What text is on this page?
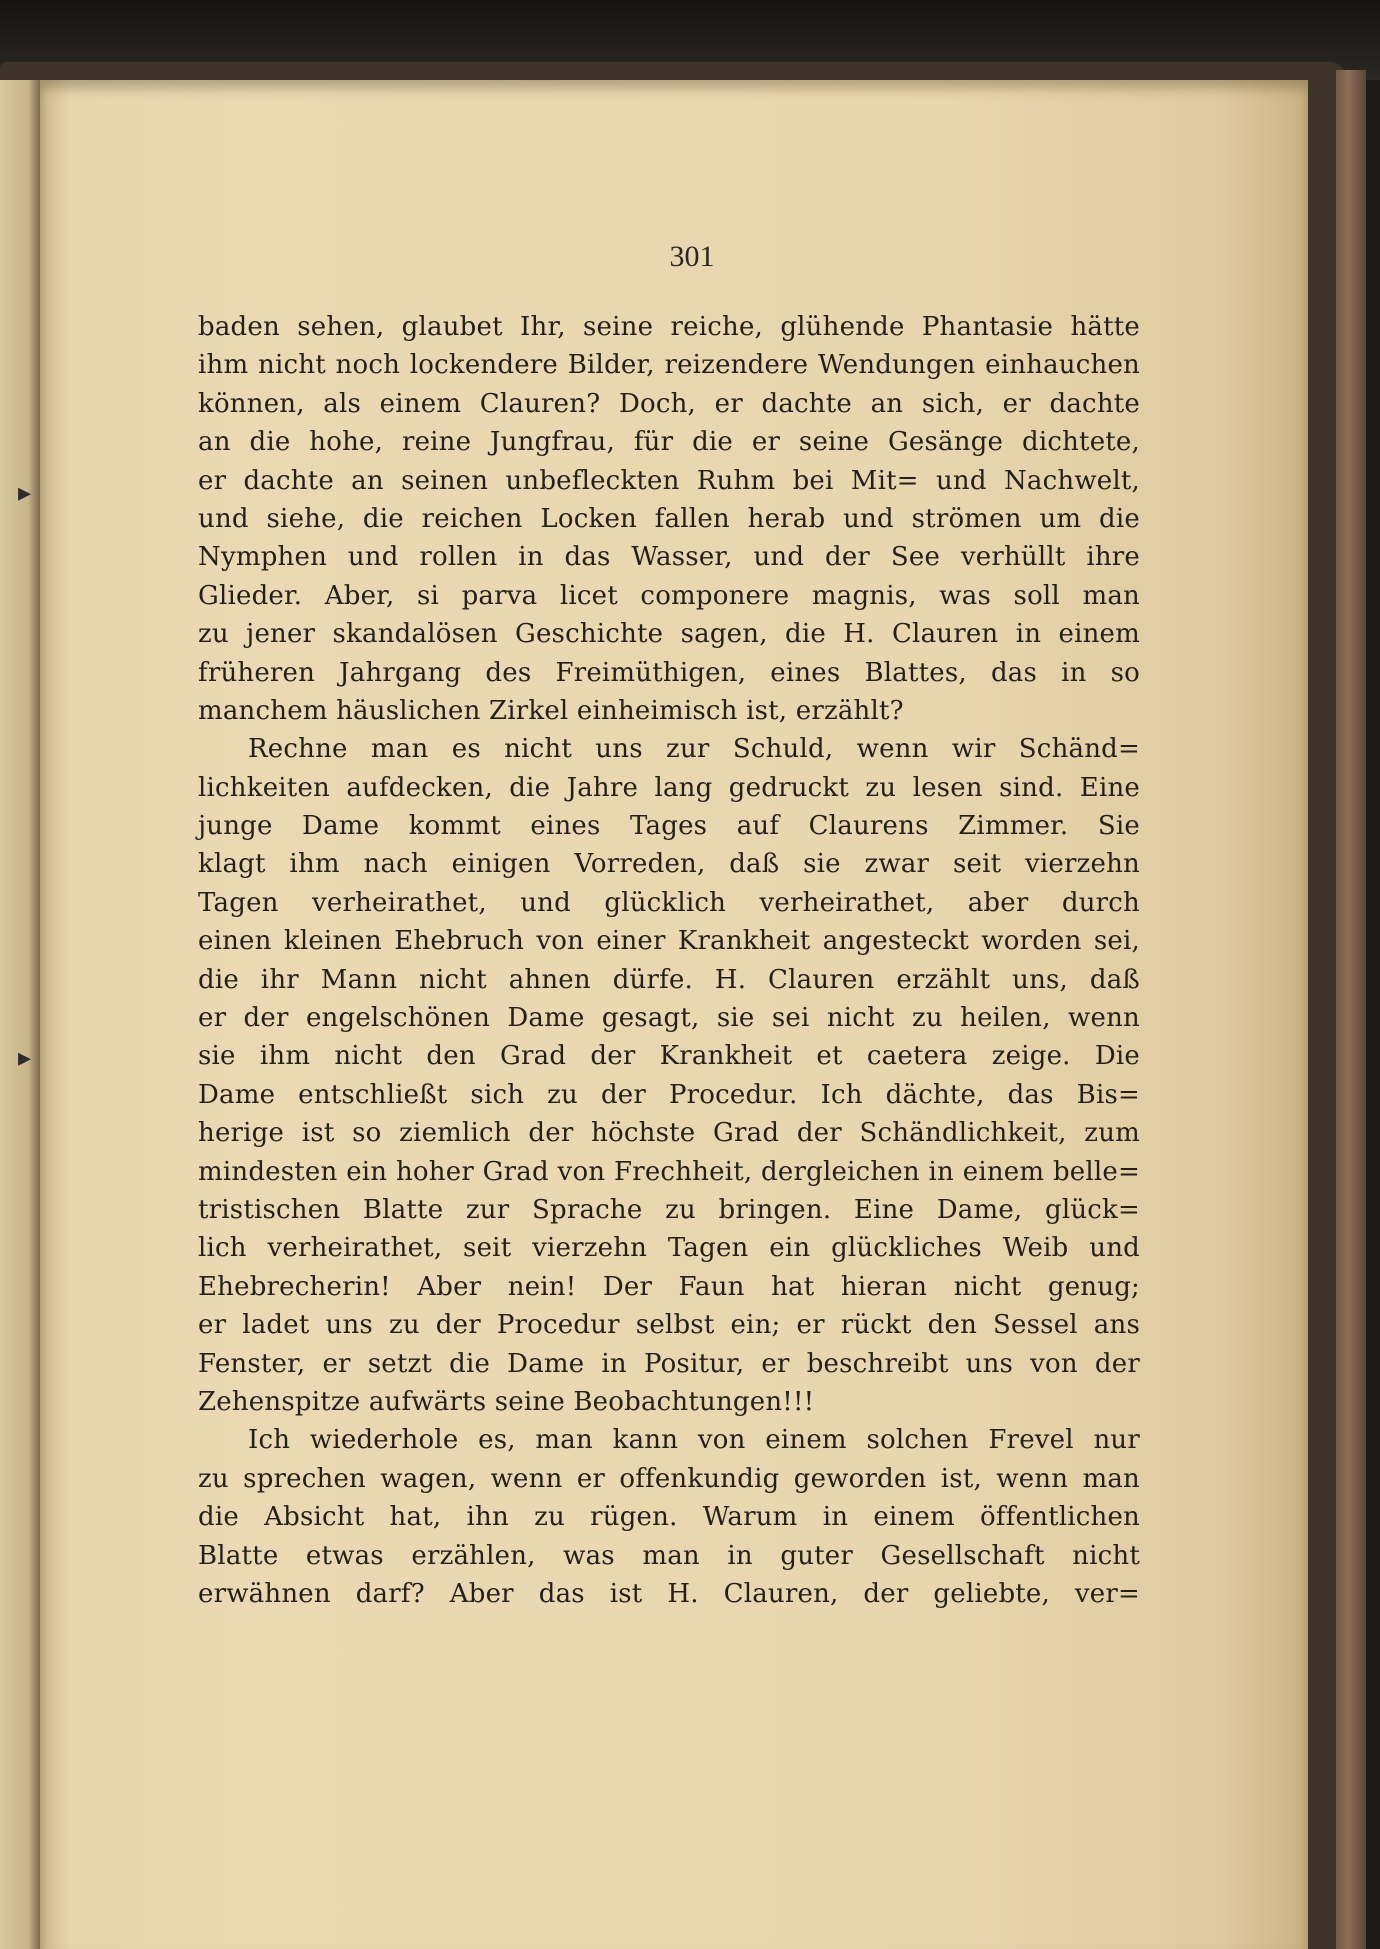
▸
▸
301
baden sehen, glaubet Ihr, seine reiche, glühende Phantasie hätte
ihm nicht noch lockendere Bilder, reizendere Wendungen einhauchen
können, als einem Clauren? Doch, er dachte an sich, er dachte
an die hohe, reine Jungfrau, für die er seine Gesänge dichtete,
er dachte an seinen unbefleckten Ruhm bei Mit= und Nachwelt,
und siehe, die reichen Locken fallen herab und strömen um die
Nymphen und rollen in das Wasser, und der See verhüllt ihre
Glieder. Aber, si parva licet componere magnis, was soll man
zu jener skandalösen Geschichte sagen, die H. Clauren in einem
früheren Jahrgang des Freimüthigen, eines Blattes, das in so
manchem häuslichen Zirkel einheimisch ist, erzählt?
Rechne man es nicht uns zur Schuld, wenn wir Schänd=
lichkeiten aufdecken, die Jahre lang gedruckt zu lesen sind. Eine
junge Dame kommt eines Tages auf Claurens Zimmer. Sie
klagt ihm nach einigen Vorreden, daß sie zwar seit vierzehn
Tagen verheirathet, und glücklich verheirathet, aber durch
einen kleinen Ehebruch von einer Krankheit angesteckt worden sei,
die ihr Mann nicht ahnen dürfe. H. Clauren erzählt uns, daß
er der engelschönen Dame gesagt, sie sei nicht zu heilen, wenn
sie ihm nicht den Grad der Krankheit et caetera zeige. Die
Dame entschließt sich zu der Procedur. Ich dächte, das Bis=
herige ist so ziemlich der höchste Grad der Schändlichkeit, zum
mindesten ein hoher Grad von Frechheit, dergleichen in einem belle=
tristischen Blatte zur Sprache zu bringen. Eine Dame, glück=
lich verheirathet, seit vierzehn Tagen ein glückliches Weib und
Ehebrecherin! Aber nein! Der Faun hat hieran nicht genug;
er ladet uns zu der Procedur selbst ein; er rückt den Sessel ans
Fenster, er setzt die Dame in Positur, er beschreibt uns von der
Zehenspitze aufwärts seine Beobachtungen!!!
Ich wiederhole es, man kann von einem solchen Frevel nur
zu sprechen wagen, wenn er offenkundig geworden ist, wenn man
die Absicht hat, ihn zu rügen. Warum in einem öffentlichen
Blatte etwas erzählen, was man in guter Gesellschaft nicht
erwähnen darf? Aber das ist H. Clauren, der geliebte, ver=
